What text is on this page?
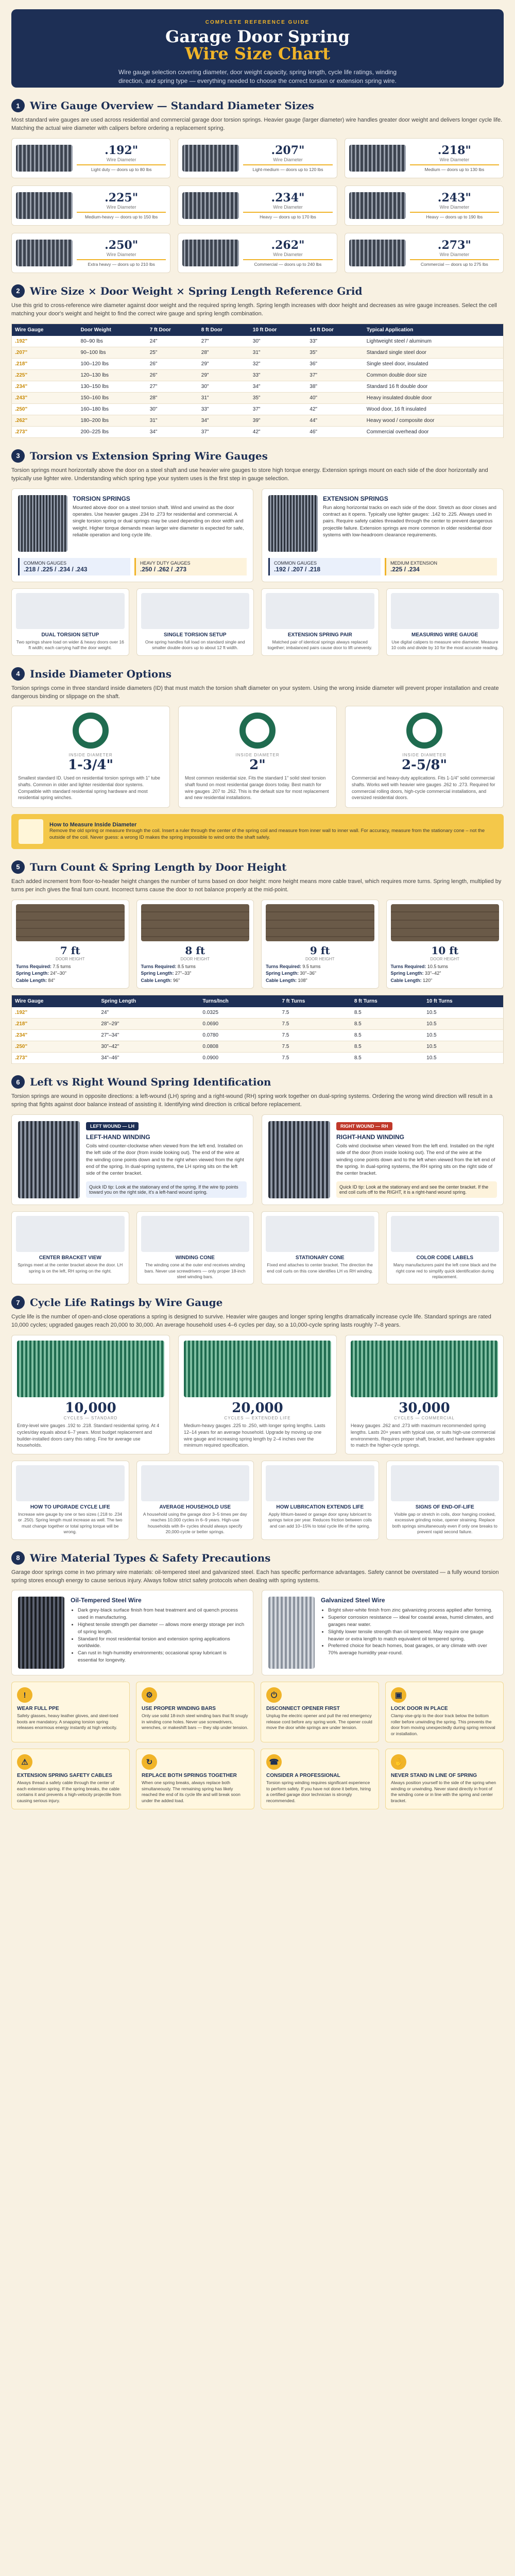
COMPLETE REFERENCE GUIDE
Garage Door Spring
Wire Size Chart

Wire gauge selection covering diameter, door weight capacity, spring length, cycle life ratings, winding direction, and spring type — everything needed to choose the correct torsion or extension spring wire.

1 Wire Gauge Overview — Standard Diameter Sizes

Most standard wire gauges are used across residential and commercial garage door torsion springs. Heavier gauge (larger diameter) wire handles greater door weight and delivers longer cycle life. Matching the actual wire diameter with calipers before ordering a replacement spring.

.192"
Wire Diameter
Light duty — doors up to 80 lbs
.207"
Wire Diameter
Light-medium — doors up to 120 lbs
.218"
Wire Diameter
Medium — doors up to 130 lbs
.225"
Wire Diameter
Medium-heavy — doors up to 150 lbs
.234"
Wire Diameter
Heavy — doors up to 170 lbs
.243"
Wire Diameter
Heavy — doors up to 190 lbs
.250"
Wire Diameter
Extra heavy — doors up to 210 lbs
.262"
Wire Diameter
Commercial — doors up to 240 lbs
.273"
Wire Diameter
Commercial — doors up to 275 lbs
2 Wire Size × Door Weight × Spring Length Reference Grid

Use this grid to cross-reference wire diameter against door weight and the required spring length. Spring length increases with door height and decreases as wire gauge increases. Select the cell matching your door's weight and height to find the correct wire gauge and spring length combination.

Wire Gauge	Door Weight	7 ft Door	8 ft Door	10 ft Door	14 ft Door	Typical Application
.192"	80–90 lbs	24"	27"	30"	33"	Lightweight steel / aluminum
.207"	90–100 lbs	25"	28"	31"	35"	Standard single steel door
.218"	100–120 lbs	26"	29"	32"	36"	Single steel door, insulated
.225"	120–130 lbs	26"	29"	33"	37"	Common double door size
.234"	130–150 lbs	27"	30"	34"	38"	Standard 16 ft double door
.243"	150–160 lbs	28"	31"	35"	40"	Heavy insulated double door
.250"	160–180 lbs	30"	33"	37"	42"	Wood door, 16 ft insulated
.262"	180–200 lbs	31"	34"	39"	44"	Heavy wood / composite door
.273"	200–225 lbs	34"	37"	42"	46"	Commercial overhead door
3 Torsion vs Extension Spring Wire Gauges

Torsion springs mount horizontally above the door on a steel shaft and use heavier wire gauges to store high torque energy. Extension springs mount on each side of the door horizontally and typically use lighter wire. Understanding which spring type your system uses is the first step in gauge selection.

TORSION SPRINGS

Mounted above door on a steel torsion shaft. Wind and unwind as the door operates. Use heavier gauges .234 to .273 for residential and commercial. A single torsion spring or dual springs may be used depending on door width and weight. Higher torque demands mean larger wire diameter is expected for safe, reliable operation and long cycle life.

COMMON GAUGES
.218 / .225 / .234 / .243
HEAVY DUTY GAUGES
.250 / .262 / .273
EXTENSION SPRINGS

Run along horizontal tracks on each side of the door. Stretch as door closes and contract as it opens. Typically use lighter gauges: .142 to .225. Always used in pairs. Require safety cables threaded through the center to prevent dangerous projectile failure. Extension springs are more common in older residential door systems with low-headroom clearance requirements.

COMMON GAUGES
.192 / .207 / .218
MEDIUM EXTENSION
.225 / .234
DUAL TORSION SETUP

Two springs share load on wider & heavy doors over 16 ft width; each carrying half the door weight.

SINGLE TORSION SETUP

One spring handles full load on standard single and smaller double doors up to about 12 ft width.

EXTENSION SPRING PAIR

Matched pair of identical springs always replaced together; imbalanced pairs cause door to lift unevenly.

MEASURING WIRE GAUGE

Use digital calipers to measure wire diameter. Measure 10 coils and divide by 10 for the most accurate reading.

4 Inside Diameter Options

Torsion springs come in three standard inside diameters (ID) that must match the torsion shaft diameter on your system. Using the wrong inside diameter will prevent proper installation and create dangerous binding or slippage on the shaft.

INSIDE DIAMETER
1-3/4"

Smallest standard ID. Used on residential torsion springs with 1" tube shafts. Common in older and lighter residential door systems. Compatible with standard residential spring hardware and most residential spring winches.

INSIDE DIAMETER
2"

Most common residential size. Fits the standard 1" solid steel torsion shaft found on most residential garage doors today. Best match for wire gauges .207 to .262. This is the default size for most replacement and new residential installations.

INSIDE DIAMETER
2-5/8"

Commercial and heavy-duty applications. Fits 1-1/4" solid commercial shafts. Works well with heavier wire gauges .262 to .273. Required for commercial rolling doors, high-cycle commercial installations, and oversized residential doors.

How to Measure Inside Diameter

Remove the old spring or measure through the coil. Insert a ruler through the center of the spring coil and measure from inner wall to inner wall. For accuracy, measure from the stationary cone – not the outside of the coil. Never guess: a wrong ID makes the spring impossible to wind onto the shaft safely.

5 Turn Count & Spring Length by Door Height

Each added increment from floor-to-header height changes the number of turns based on door height: more height means more cable travel, which requires more turns. Spring length, multiplied by turns per inch gives the final turn count. Incorrect turns cause the door to not balance properly at the mid-point.

7 ft
DOOR HEIGHT
Turns Required: 7.5 turns
Spring Length: 24"–30"
Cable Length: 84"
8 ft
DOOR HEIGHT
Turns Required: 8.5 turns
Spring Length: 27"–33"
Cable Length: 96"
9 ft
DOOR HEIGHT
Turns Required: 9.5 turns
Spring Length: 30"–36"
Cable Length: 108"
10 ft
DOOR HEIGHT
Turns Required: 10.5 turns
Spring Length: 33"–42"
Cable Length: 120"
Wire Gauge	Spring Length	Turns/Inch	7 ft Turns	8 ft Turns	10 ft Turns
.192"	24"	0.0325	7.5	8.5	10.5
.218"	28"–29"	0.0690	7.5	8.5	10.5
.234"	27"–34"	0.0780	7.5	8.5	10.5
.250"	30"–42"	0.0808	7.5	8.5	10.5
.273"	34"–46"	0.0900	7.5	8.5	10.5
6 Left vs Right Wound Spring Identification

Torsion springs are wound in opposite directions: a left-wound (LH) spring and a right-wound (RH) spring work together on dual-spring systems. Ordering the wrong wind direction will result in a spring that fights against door balance instead of assisting it. Identifying wind direction is critical before replacement.

LEFT WOUND — LH
LEFT-HAND WINDING

Coils wind counter-clockwise when viewed from the left end. Installed on the left side of the door (from inside looking out). The end of the wire at the winding cone points down and to the right when viewed from the right end of the spring. In dual-spring systems, the LH spring sits on the left side of the center bracket.

Quick ID tip: Look at the stationary end of the spring. If the wire tip points toward you on the right side, it's a left-hand wound spring.
RIGHT WOUND — RH
RIGHT-HAND WINDING

Coils wind clockwise when viewed from the left end. Installed on the right side of the door (from inside looking out). The end of the wire at the winding cone points down and to the left when viewed from the left end of the spring. In dual-spring systems, the RH spring sits on the right side of the center bracket.

Quick ID tip: Look at the stationary end and see the center bracket. If the end coil curls off to the RIGHT, it is a right-hand wound spring.
CENTER BRACKET VIEW

Springs meet at the center bracket above the door. LH spring is on the left, RH spring on the right.

WINDING CONE

The winding cone at the outer end receives winding bars. Never use screwdrivers — only proper 18-inch steel winding bars.

STATIONARY CONE

Fixed end attaches to center bracket. The direction the end coil curls on this cone identifies LH vs RH winding.

COLOR CODE LABELS

Many manufacturers paint the left cone black and the right cone red to simplify quick identification during replacement.

7 Cycle Life Ratings by Wire Gauge

Cycle life is the number of open-and-close operations a spring is designed to survive. Heavier wire gauges and longer spring lengths dramatically increase cycle life. Standard springs are rated 10,000 cycles; upgraded gauges reach 20,000 to 30,000. An average household uses 4–6 cycles per day, so a 10,000-cycle spring lasts roughly 7–8 years.

10,000
CYCLES — STANDARD

Entry-level wire gauges .192 to .218. Standard residential spring. At 4 cycles/day equals about 6–7 years. Most budget replacement and builder-installed doors carry this rating. Fine for average use households.

20,000
CYCLES — EXTENDED LIFE

Medium-heavy gauges .225 to .250, with longer spring lengths. Lasts 12–14 years for an average household. Upgrade by moving up one wire gauge and increasing spring length by 2–4 inches over the minimum required specification.

30,000
CYCLES — COMMERCIAL

Heavy gauges .262 and .273 with maximum recommended spring lengths. Lasts 20+ years with typical use, or suits high-use commercial environments. Requires proper shaft, bracket, and hardware upgrades to match the higher-cycle springs.

HOW TO UPGRADE CYCLE LIFE

Increase wire gauge by one or two sizes (.218 to .234 or .250). Spring length must increase as well. The two must change together or total spring torque will be wrong.

AVERAGE HOUSEHOLD USE

A household using the garage door 3–5 times per day reaches 10,000 cycles in 6–9 years. High-use households with 8+ cycles should always specify 20,000-cycle or better springs.

HOW LUBRICATION EXTENDS LIFE

Apply lithium-based or garage door spray lubricant to springs twice per year. Reduces friction between coils and can add 10–15% to total cycle life of the spring.

SIGNS OF END-OF-LIFE

Visible gap or stretch in coils, door hanging crooked, excessive grinding noise, opener straining. Replace both springs simultaneously even if only one breaks to prevent rapid second failure.

8 Wire Material Types & Safety Precautions

Garage door springs come in two primary wire materials: oil-tempered steel and galvanized steel. Each has specific performance advantages. Safety cannot be overstated — a fully wound torsion spring stores enough energy to cause serious injury. Always follow strict safety protocols when dealing with spring systems.

Oil-Tempered Steel Wire
• Dark grey-black surface finish from heat treatment and oil quench process used in manufacturing.
• Highest tensile strength per diameter — allows more energy storage per inch of spring length.
• Standard for most residential torsion and extension spring applications worldwide.
• Can rust in high-humidity environments; occasional spray lubricant is essential for longevity.
Galvanized Steel Wire
• Bright silver-white finish from zinc galvanizing process applied after forming.
• Superior corrosion resistance — ideal for coastal areas, humid climates, and garages near water.
• Slightly lower tensile strength than oil tempered. May require one gauge heavier or extra length to match equivalent oil tempered spring.
• Preferred choice for beach homes, boat garages, or any climate with over 70% average humidity year-round.
!
WEAR FULL PPE

Safety glasses, heavy leather gloves, and steel-toed boots are mandatory. A snapping torsion spring releases enormous energy instantly at high velocity.

⚙
USE PROPER WINDING BARS

Only use solid 18-inch steel winding bars that fit snugly in winding cone holes. Never use screwdrivers, wrenches, or makeshift bars — they slip under tension.

⏻
DISCONNECT OPENER FIRST

Unplug the electric opener and pull the red emergency release cord before any spring work. The opener could move the door while springs are under tension.

▣
LOCK DOOR IN PLACE

Clamp vise-grip to the door track below the bottom roller before unwinding the spring. This prevents the door from moving unexpectedly during spring removal or installation.

⚠
EXTENSION SPRING SAFETY CABLES

Always thread a safety cable through the center of each extension spring. If the spring breaks, the cable contains it and prevents a high-velocity projectile from causing serious injury.

↻
REPLACE BOTH SPRINGS TOGETHER

When one spring breaks, always replace both simultaneously. The remaining spring has likely reached the end of its cycle life and will break soon under the added load.

☎
CONSIDER A PROFESSIONAL

Torsion spring winding requires significant experience to perform safely. If you have not done it before, hiring a certified garage door technician is strongly recommended.

✋
NEVER STAND IN LINE OF SPRING

Always position yourself to the side of the spring when winding or unwinding. Never stand directly in front of the winding cone or in line with the spring and center bracket.
